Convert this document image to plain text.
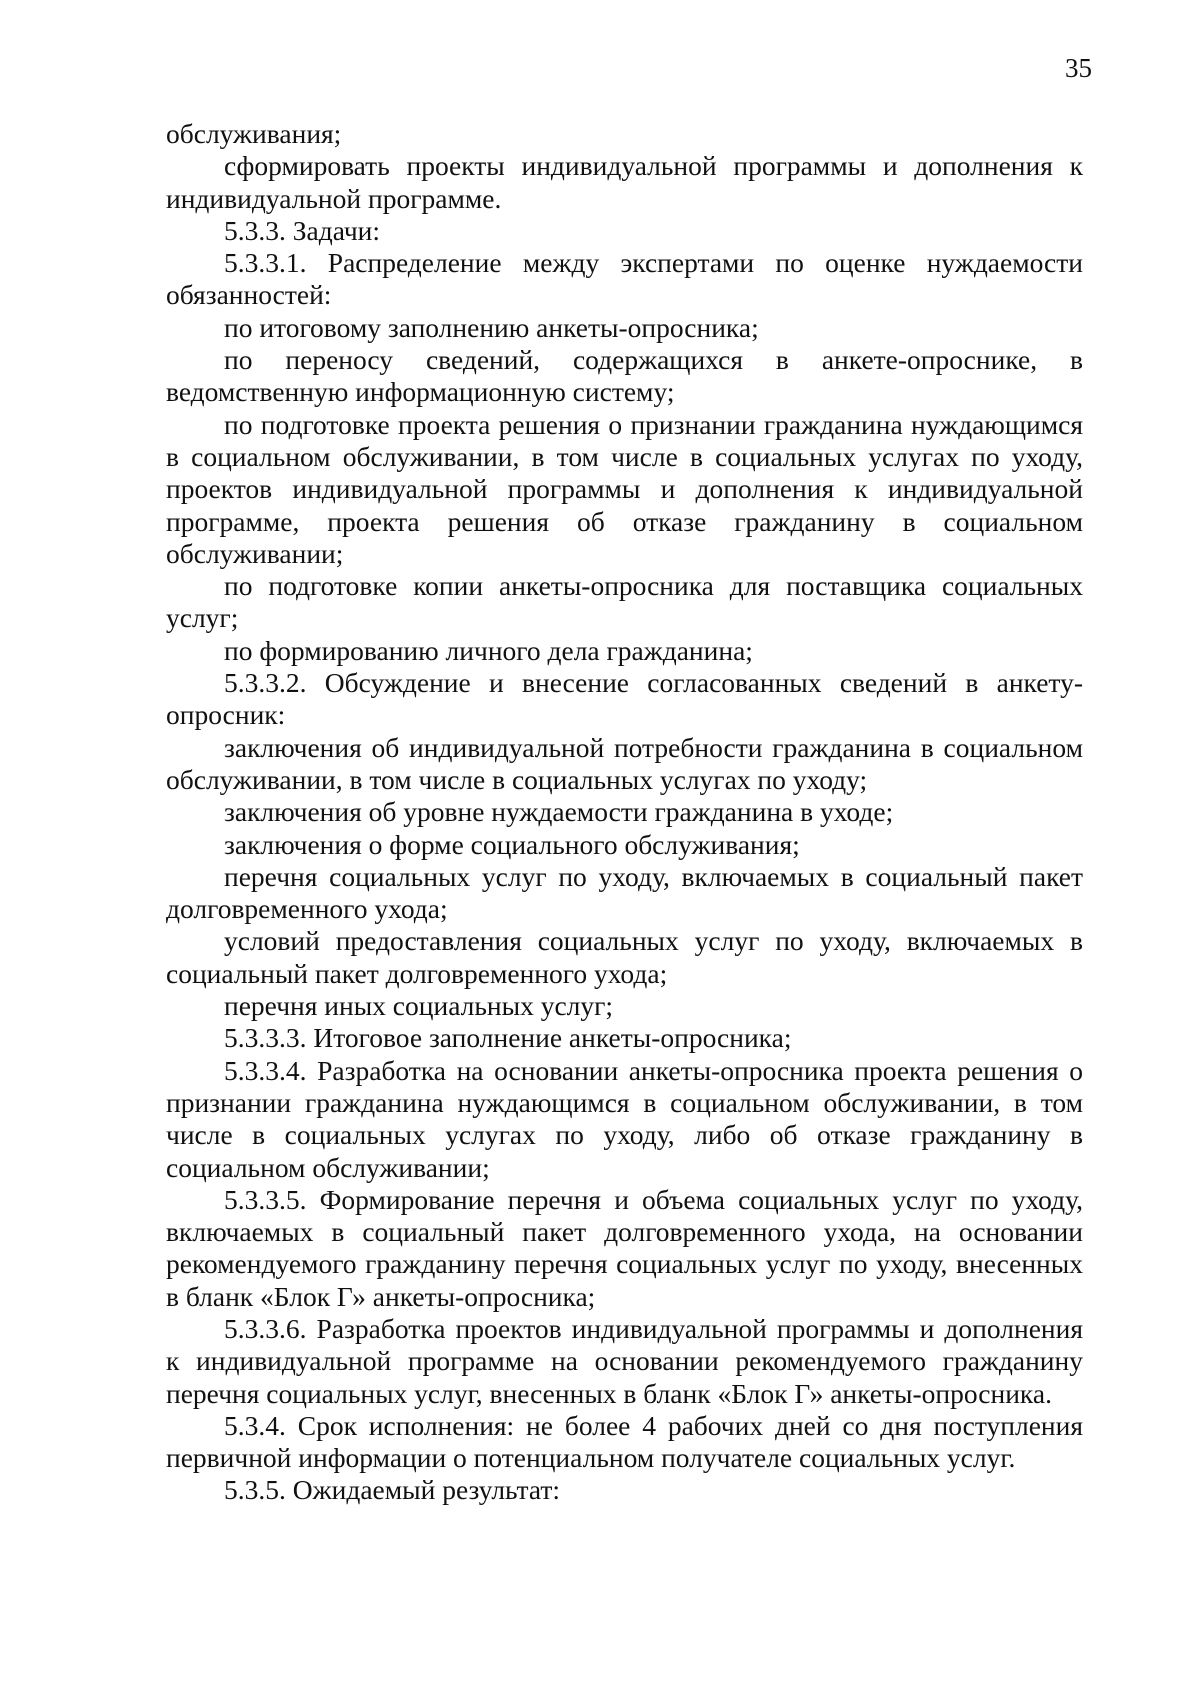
35

обслуживания;

сформировать проекты индивидуальной программы и дополнения к индивидуальной программе.

5.3.3. Задачи:

5.3.3.1. Распределение между экспертами по оценке нуждаемости обязанностей:

по итоговому заполнению анкеты-опросника;

по переносу сведений, содержащихся в анкете-опроснике, в ведомственную информационную систему;

по подготовке проекта решения о признании гражданина нуждающимся в социальном обслуживании, в том числе в социальных услугах по уходу, проектов индивидуальной программы и дополнения к индивидуальной программе, проекта решения об отказе гражданину в социальном обслуживании;

по подготовке копии анкеты-опросника для поставщика социальных услуг;

по формированию личного дела гражданина;

5.3.3.2. Обсуждение и внесение согласованных сведений в анкету-опросник:

заключения об индивидуальной потребности гражданина в социальном обслуживании, в том числе в социальных услугах по уходу;

заключения об уровне нуждаемости гражданина в уходе;

заключения о форме социального обслуживания;

перечня социальных услуг по уходу, включаемых в социальный пакет долговременного ухода;

условий предоставления социальных услуг по уходу, включаемых в социальный пакет долговременного ухода;

перечня иных социальных услуг;

5.3.3.3. Итоговое заполнение анкеты-опросника;

5.3.3.4. Разработка на основании анкеты-опросника проекта решения о признании гражданина нуждающимся в социальном обслуживании, в том числе в социальных услугах по уходу, либо об отказе гражданину в социальном обслуживании;

5.3.3.5. Формирование перечня и объема социальных услуг по уходу, включаемых в социальный пакет долговременного ухода, на основании рекомендуемого гражданину перечня социальных услуг по уходу, внесенных в бланк «Блок Г» анкеты-опросника;

5.3.3.6. Разработка проектов индивидуальной программы и дополнения к индивидуальной программе на основании рекомендуемого гражданину перечня социальных услуг, внесенных в бланк «Блок Г» анкеты-опросника.

5.3.4. Срок исполнения: не более 4 рабочих дней со дня поступления первичной информации о потенциальном получателе социальных услуг.

5.3.5. Ожидаемый результат:
